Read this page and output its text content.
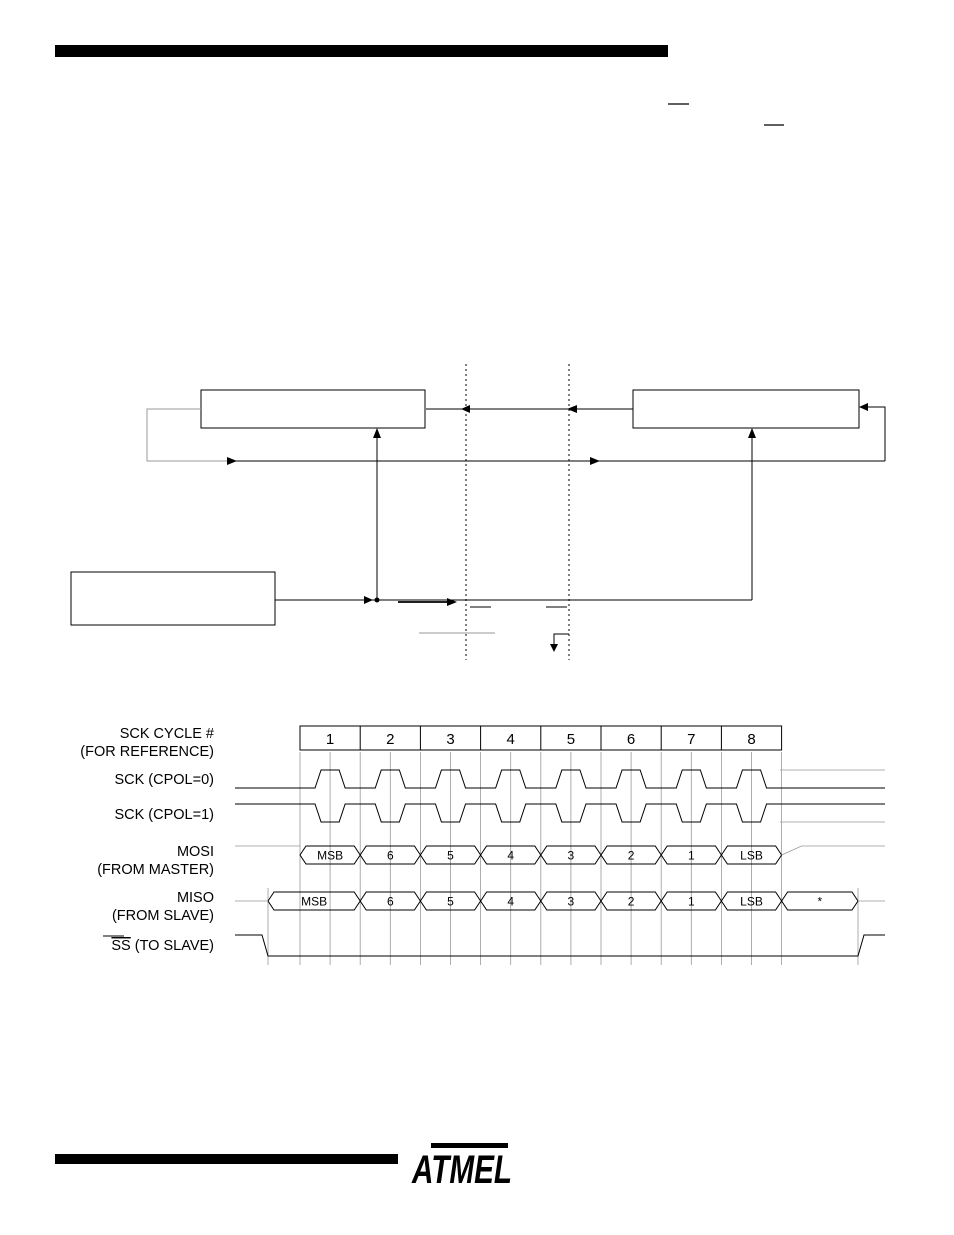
SCK CYCLE #
(FOR REFERENCE)
SCK (CPOL=0)
SCK (CPOL=1)
MOSI
(FROM MASTER)
MISO
(FROM SLAVE)
SS (TO SLAVE)
1	2	3	4	5	6	7	8
MSB	6	5	4	3	2	1	LSB
MSB	6	5	4	3	2	1	LSB	*
ATMEL
